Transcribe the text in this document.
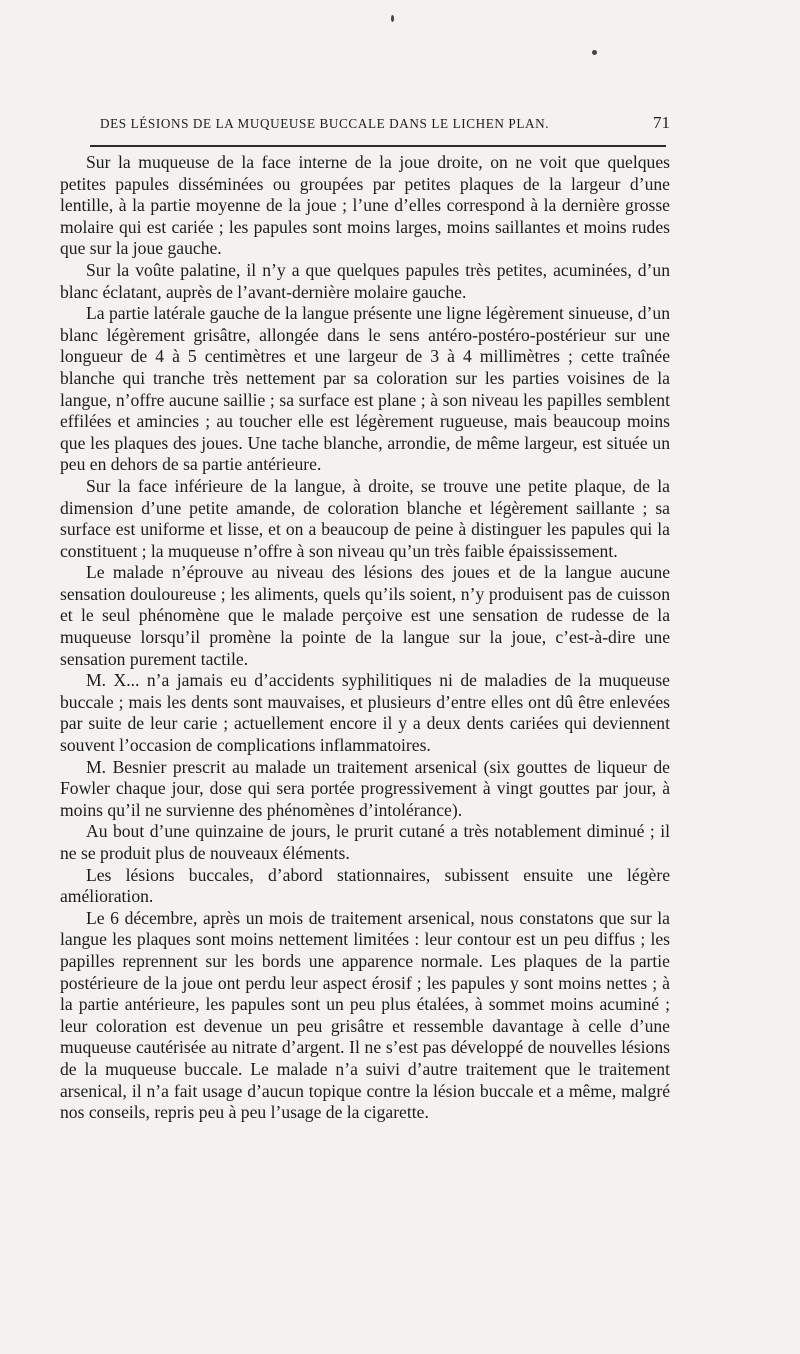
DES LÉSIONS DE LA MUQUEUSE BUCCALE DANS LE LICHEN PLAN.	71

Sur la muqueuse de la face interne de la joue droite, on ne voit que quelques petites papules disséminées ou groupées par petites plaques de la largeur d’une lentille, à la partie moyenne de la joue ; l’une d’elles correspond à la dernière grosse molaire qui est cariée ; les papules sont moins larges, moins saillantes et moins rudes que sur la joue gauche.

Sur la voûte palatine, il n’y a que quelques papules très petites, acuminées, d’un blanc éclatant, auprès de l’avant-dernière molaire gauche.

La partie latérale gauche de la langue présente une ligne légèrement sinueuse, d’un blanc légèrement grisâtre, allongée dans le sens antéro-postéro-postérieur sur une longueur de 4 à 5 centimètres et une largeur de 3 à 4 millimètres ; cette traînée blanche qui tranche très nettement par sa coloration sur les parties voisines de la langue, n’offre aucune saillie ; sa surface est plane ; à son niveau les papilles semblent effilées et amincies ; au toucher elle est légèrement rugueuse, mais beaucoup moins que les plaques des joues. Une tache blanche, arrondie, de même largeur, est située un peu en dehors de sa partie antérieure.

Sur la face inférieure de la langue, à droite, se trouve une petite plaque, de la dimension d’une petite amande, de coloration blanche et légèrement saillante ; sa surface est uniforme et lisse, et on a beaucoup de peine à distinguer les papules qui la constituent ; la muqueuse n’offre à son niveau qu’un très faible épaississement.

Le malade n’éprouve au niveau des lésions des joues et de la langue aucune sensation douloureuse ; les aliments, quels qu’ils soient, n’y produisent pas de cuisson et le seul phénomène que le malade perçoive est une sensation de rudesse de la muqueuse lorsqu’il promène la pointe de la langue sur la joue, c’est-à-dire une sensation purement tactile.

M. X... n’a jamais eu d’accidents syphilitiques ni de maladies de la muqueuse buccale ; mais les dents sont mauvaises, et plusieurs d’entre elles ont dû être enlevées par suite de leur carie ; actuellement encore il y a deux dents cariées qui deviennent souvent l’occasion de complications inflammatoires.

M. Besnier prescrit au malade un traitement arsenical (six gouttes de liqueur de Fowler chaque jour, dose qui sera portée progressivement à vingt gouttes par jour, à moins qu’il ne survienne des phénomènes d’intolérance).

Au bout d’une quinzaine de jours, le prurit cutané a très notablement diminué ; il ne se produit plus de nouveaux éléments.

Les lésions buccales, d’abord stationnaires, subissent ensuite une légère amélioration.

Le 6 décembre, après un mois de traitement arsenical, nous constatons que sur la langue les plaques sont moins nettement limitées : leur contour est un peu diffus ; les papilles reprennent sur les bords une apparence normale. Les plaques de la partie postérieure de la joue ont perdu leur aspect érosif ; les papules y sont moins nettes ; à la partie antérieure, les papules sont un peu plus étalées, à sommet moins acuminé ; leur coloration est devenue un peu grisâtre et ressemble davantage à celle d’une muqueuse cautérisée au nitrate d’argent. Il ne s’est pas développé de nouvelles lésions de la muqueuse buccale. Le malade n’a suivi d’autre traitement que le traitement arsenical, il n’a fait usage d’aucun topique contre la lésion buccale et a même, malgré nos conseils, repris peu à peu l’usage de la cigarette.
